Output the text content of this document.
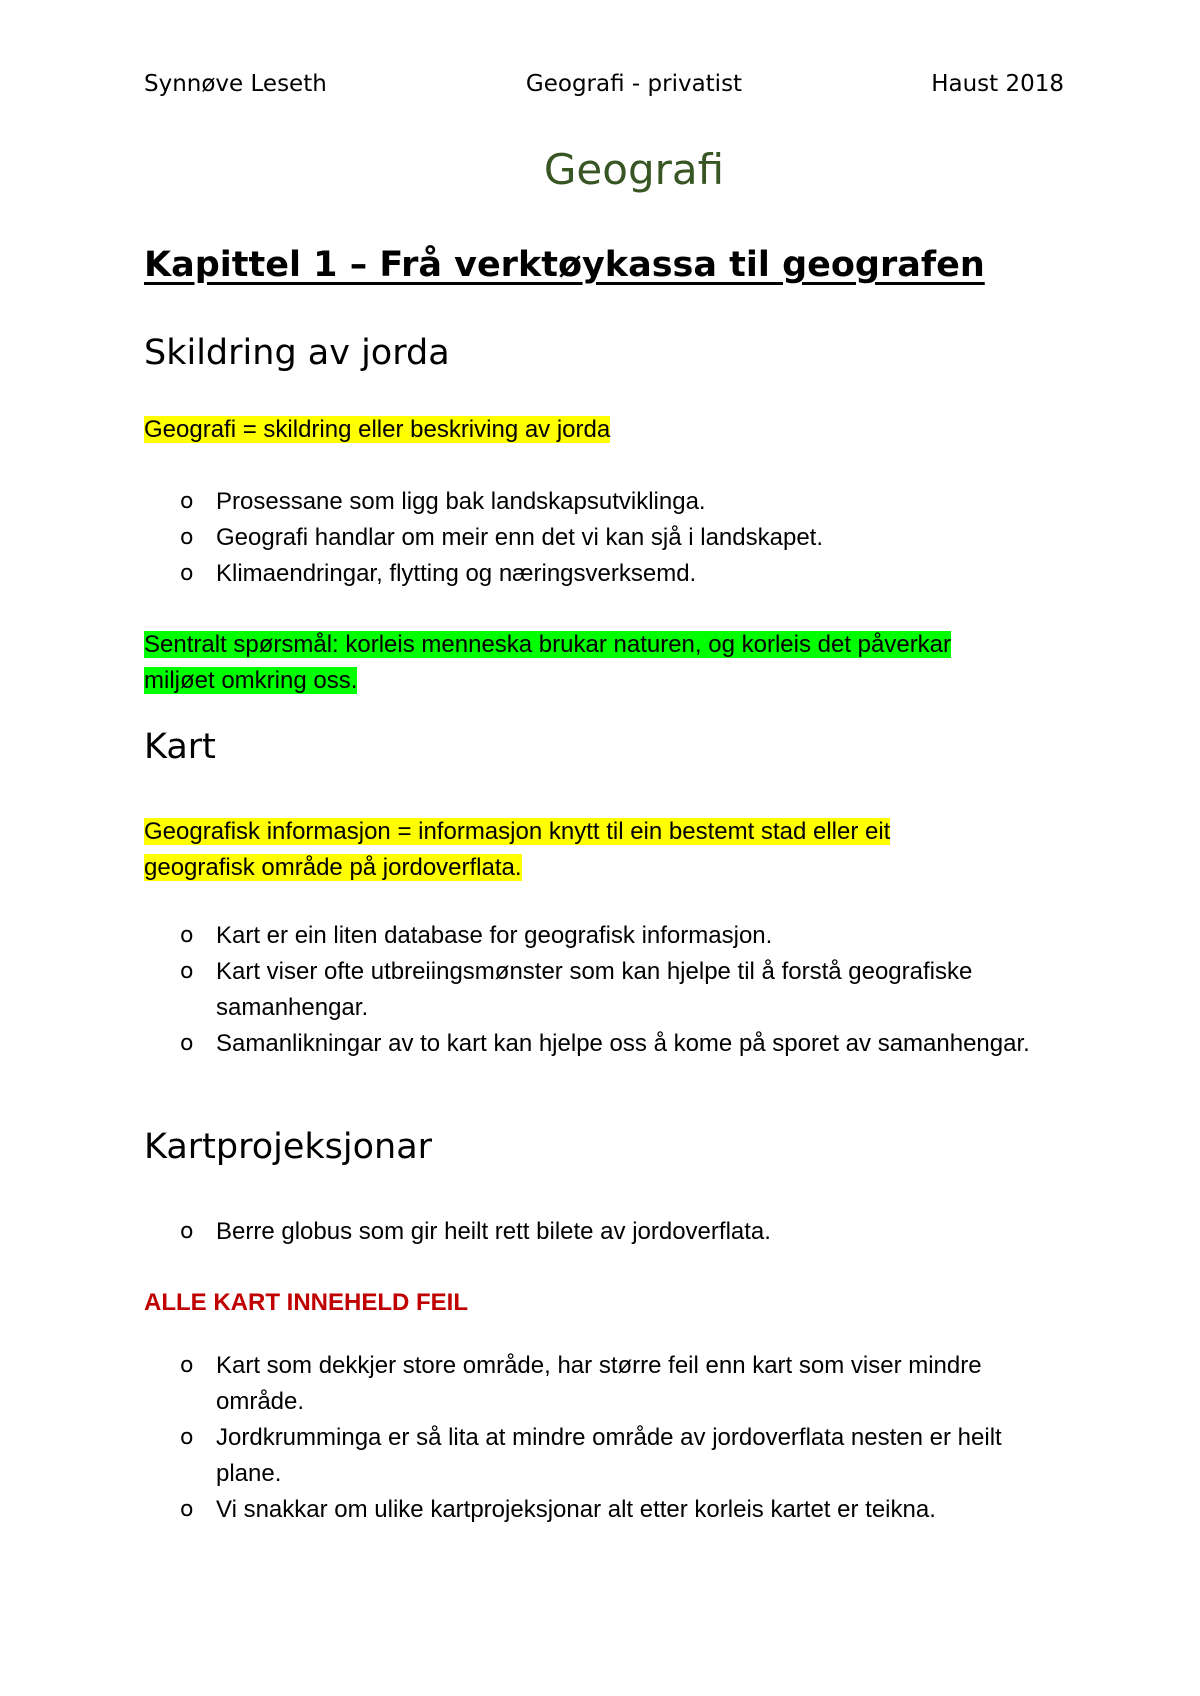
Synnøve Leseth	Geografi - privatist	Haust 2018
Geografi
Kapittel 1 – Frå verktøykassa til geografen
Skildring av jorda
Geografi = skildring eller beskriving av jorda
o Prosessane som ligg bak landskapsutviklinga.
o Geografi handlar om meir enn det vi kan sjå i landskapet.
o Klimaendringar, flytting og næringsverksemd.
Sentralt spørsmål: korleis menneska brukar naturen, og korleis det påverkar
miljøet omkring oss.
Kart
Geografisk informasjon = informasjon knytt til ein bestemt stad eller eit
geografisk område på jordoverflata.
o Kart er ein liten database for geografisk informasjon.
o Kart viser ofte utbreiingsmønster som kan hjelpe til å forstå geografiske samanhengar.
o Samanlikningar av to kart kan hjelpe oss å kome på sporet av samanhengar.
Kartprojeksjonar
o Berre globus som gir heilt rett bilete av jordoverflata.
ALLE KART INNEHELD FEIL
o Kart som dekkjer store område, har større feil enn kart som viser mindre område.
o Jordkrumminga er så lita at mindre område av jordoverflata nesten er heilt plane.
o Vi snakkar om ulike kartprojeksjonar alt etter korleis kartet er teikna.
